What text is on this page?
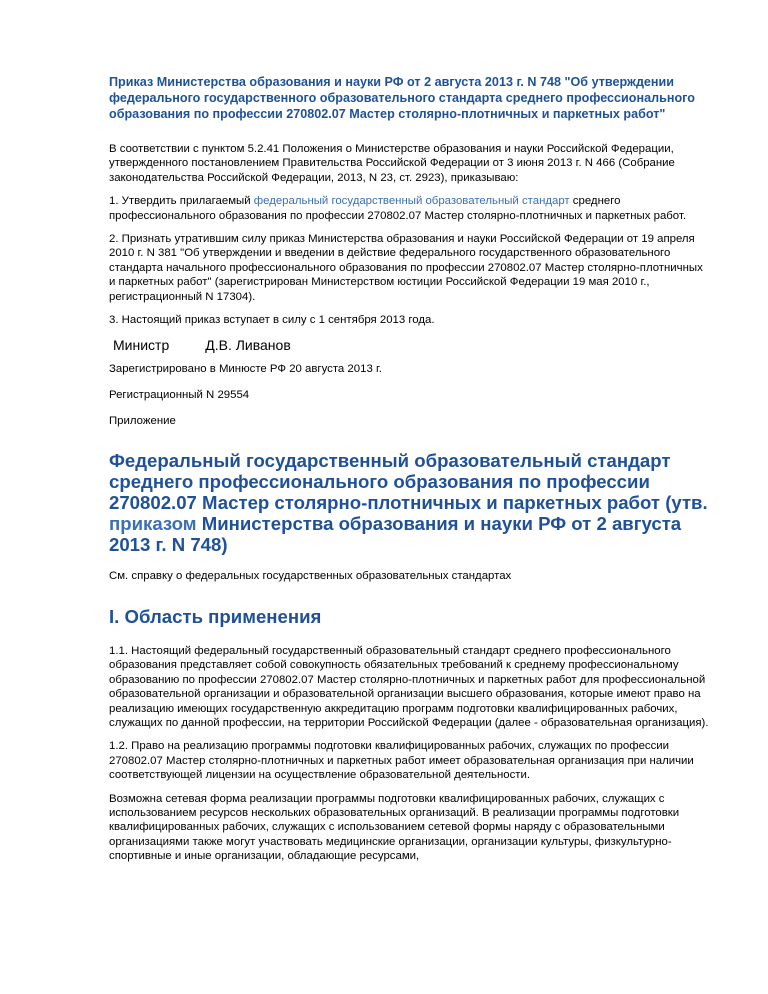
Приказ Министерства образования и науки РФ от 2 августа 2013 г. N 748 "Об утверждении федерального государственного образовательного стандарта среднего профессионального образования по профессии 270802.07 Мастер столярно-плотничных и паркетных работ"

В соответствии с пунктом 5.2.41 Положения о Министерстве образования и науки Российской Федерации, утвержденного постановлением Правительства Российской Федерации от 3 июня 2013 г. N 466 (Собрание законодательства Российской Федерации, 2013, N 23, ст. 2923), приказываю:

1. Утвердить прилагаемый федеральный государственный образовательный стандарт среднего профессионального образования по профессии 270802.07 Мастер столярно-плотничных и паркетных работ.

2. Признать утратившим силу приказ Министерства образования и науки Российской Федерации от 19 апреля 2010 г. N 381 "Об утверждении и введении в действие федерального государственного образовательного стандарта начального профессионального образования по профессии 270802.07 Мастер столярно-плотничных и паркетных работ" (зарегистрирован Министерством юстиции Российской Федерации 19 мая 2010 г., регистрационный N 17304).

3. Настоящий приказ вступает в силу с 1 сентября 2013 года.

Министр	Д.В. Ливанов
Зарегистрировано в Минюсте РФ 20 августа 2013 г.
Регистрационный N 29554
Приложение
Федеральный государственный образовательный стандарт среднего профессионального образования по профессии 270802.07 Мастер столярно-плотничных и паркетных работ (утв. приказом Министерства образования и науки РФ от 2 августа 2013 г. N 748)

См. справку о федеральных государственных образовательных стандартах

I. Область применения

1.1. Настоящий федеральный государственный образовательный стандарт среднего профессионального образования представляет собой совокупность обязательных требований к среднему профессиональному образованию по профессии 270802.07 Мастер столярно-плотничных и паркетных работ для профессиональной образовательной организации и образовательной организации высшего образования, которые имеют право на реализацию имеющих государственную аккредитацию программ подготовки квалифицированных рабочих, служащих по данной профессии, на территории Российской Федерации (далее - образовательная организация).

1.2. Право на реализацию программы подготовки квалифицированных рабочих, служащих по профессии 270802.07 Мастер столярно-плотничных и паркетных работ имеет образовательная организация при наличии соответствующей лицензии на осуществление образовательной деятельности.

Возможна сетевая форма реализации программы подготовки квалифицированных рабочих, служащих с использованием ресурсов нескольких образовательных организаций. В реализации программы подготовки квалифицированных рабочих, служащих с использованием сетевой формы наряду с образовательными организациями также могут участвовать медицинские организации, организации культуры, физкультурно-спортивные и иные организации, обладающие ресурсами,
